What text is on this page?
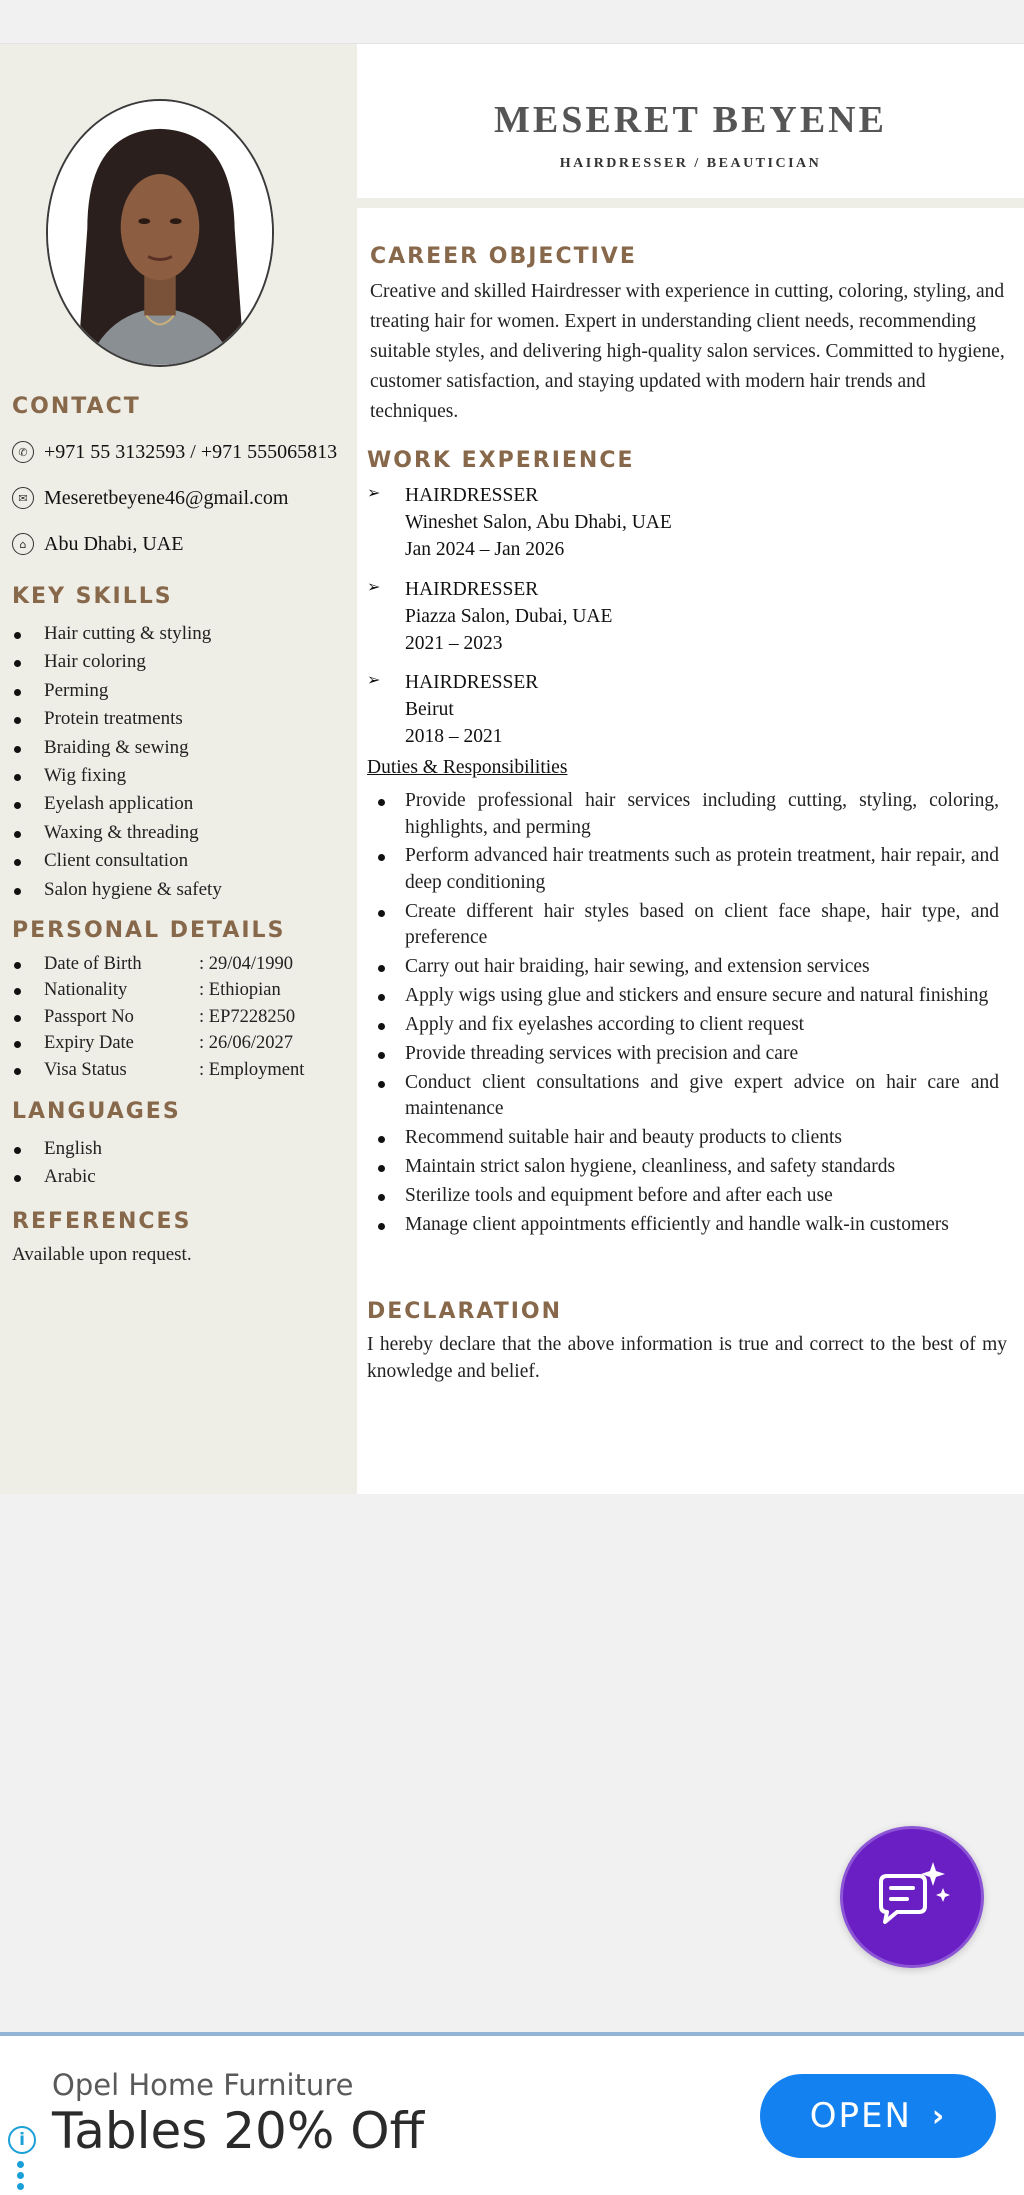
CONTACT
✆ +971 55 3132593 / +971 555065813
✉ Meseretbeyene46@gmail.com
⌂ Abu Dhabi, UAE
KEY SKILLS
Hair cutting & styling
Hair coloring
Perming
Protein treatments
Braiding & sewing
Wig fixing
Eyelash application
Waxing & threading
Client consultation
Salon hygiene & safety
PERSONAL DETAILS
Date of Birth	: 29/04/1990
Nationality	: Ethiopian
Passport No	: EP7228250
Expiry Date	: 26/06/2027
Visa Status	: Employment
LANGUAGES
English
Arabic
REFERENCES
Available upon request.
MESERET BEYENE
HAIRDRESSER / BEAUTICIAN
CAREER OBJECTIVE
Creative and skilled Hairdresser with experience in cutting, coloring, styling, and treating hair for women. Expert in understanding client needs, recommending suitable styles, and delivering high-quality salon services. Committed to hygiene, customer satisfaction, and staying updated with modern hair trends and techniques.
WORK EXPERIENCE
➢	HAIRDRESSER
Wineshet Salon, Abu Dhabi, UAE
Jan 2024 – Jan 2026
➢	HAIRDRESSER
Piazza Salon, Dubai, UAE
2021 – 2023
➢	HAIRDRESSER
Beirut
2018 – 2021
Duties & Responsibilities
Provide professional hair services including cutting, styling, coloring, highlights, and perming
Perform advanced hair treatments such as protein treatment, hair repair, and deep conditioning
Create different hair styles based on client face shape, hair type, and preference
Carry out hair braiding, hair sewing, and extension services
Apply wigs using glue and stickers and ensure secure and natural finishing
Apply and fix eyelashes according to client request
Provide threading services with precision and care
Conduct client consultations and give expert advice on hair care and maintenance
Recommend suitable hair and beauty products to clients
Maintain strict salon hygiene, cleanliness, and safety standards
Sterilize tools and equipment before and after each use
Manage client appointments efficiently and handle walk-in customers
DECLARATION
I hereby declare that the above information is true and correct to the best of my knowledge and belief.
Opel Home Furniture
Tables 20% Off
i
OPEN ›
